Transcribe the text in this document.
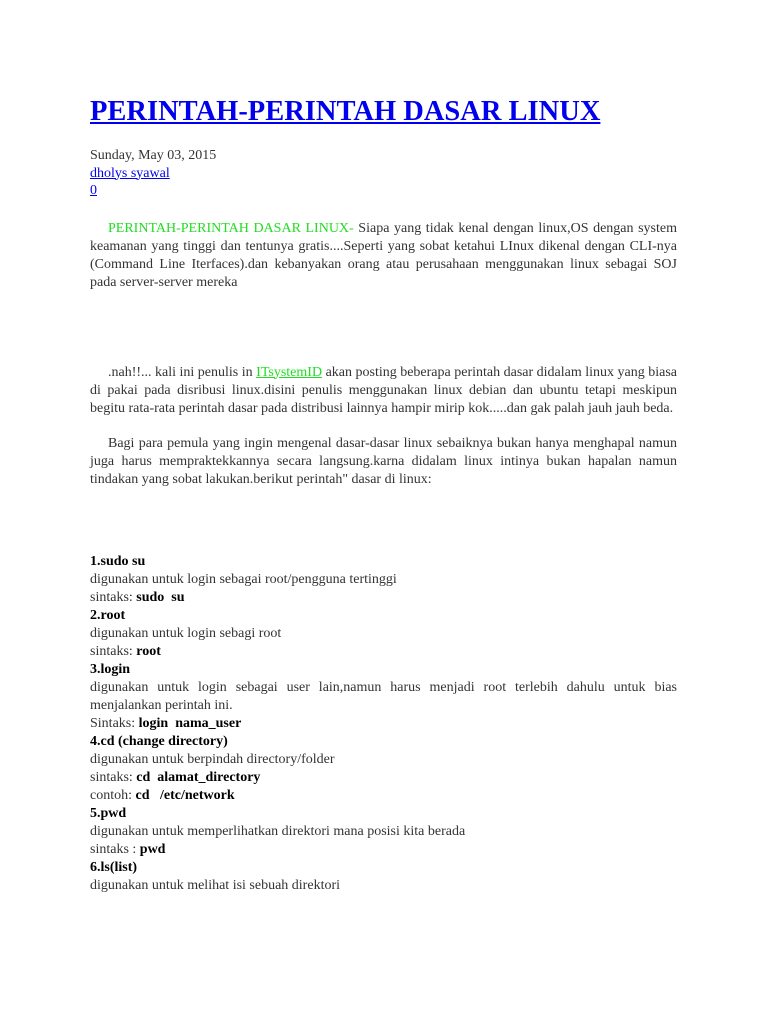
PERINTAH-PERINTAH DASAR LINUX
Sunday, May 03, 2015
dholys syawal
0

PERINTAH-PERINTAH DASAR LINUX- Siapa yang tidak kenal dengan linux,OS dengan system keamanan yang tinggi dan tentunya gratis....Seperti yang sobat ketahui LInux dikenal dengan CLI-nya (Command Line Iterfaces).dan kebanyakan orang atau perusahaan menggunakan linux sebagai SOJ pada server-server mereka

.nah!!... kali ini penulis in ITsystemID akan posting beberapa perintah dasar didalam linux yang biasa di pakai pada disribusi linux.disini penulis menggunakan linux debian dan ubuntu tetapi meskipun begitu rata-rata perintah dasar pada distribusi lainnya hampir mirip kok.....dan gak palah jauh jauh beda.

Bagi para pemula yang ingin mengenal dasar-dasar linux sebaiknya bukan hanya menghapal namun juga harus mempraktekkannya secara langsung.karna didalam linux intinya bukan hapalan namun tindakan yang sobat lakukan.berikut perintah" dasar di linux:

1.sudo su
digunakan untuk login sebagai root/pengguna tertinggi
sintaks: sudo  su
2.root
digunakan untuk login sebagi root
sintaks: root
3.login
digunakan untuk login sebagai user lain,namun harus menjadi root terlebih dahulu untuk bias menjalankan perintah ini.
Sintaks: login  nama_user
4.cd (change directory)
digunakan untuk berpindah directory/folder
sintaks: cd  alamat_directory
contoh: cd   /etc/network
5.pwd
digunakan untuk memperlihatkan direktori mana posisi kita berada
sintaks : pwd
6.ls(list)
digunakan untuk melihat isi sebuah direktori
